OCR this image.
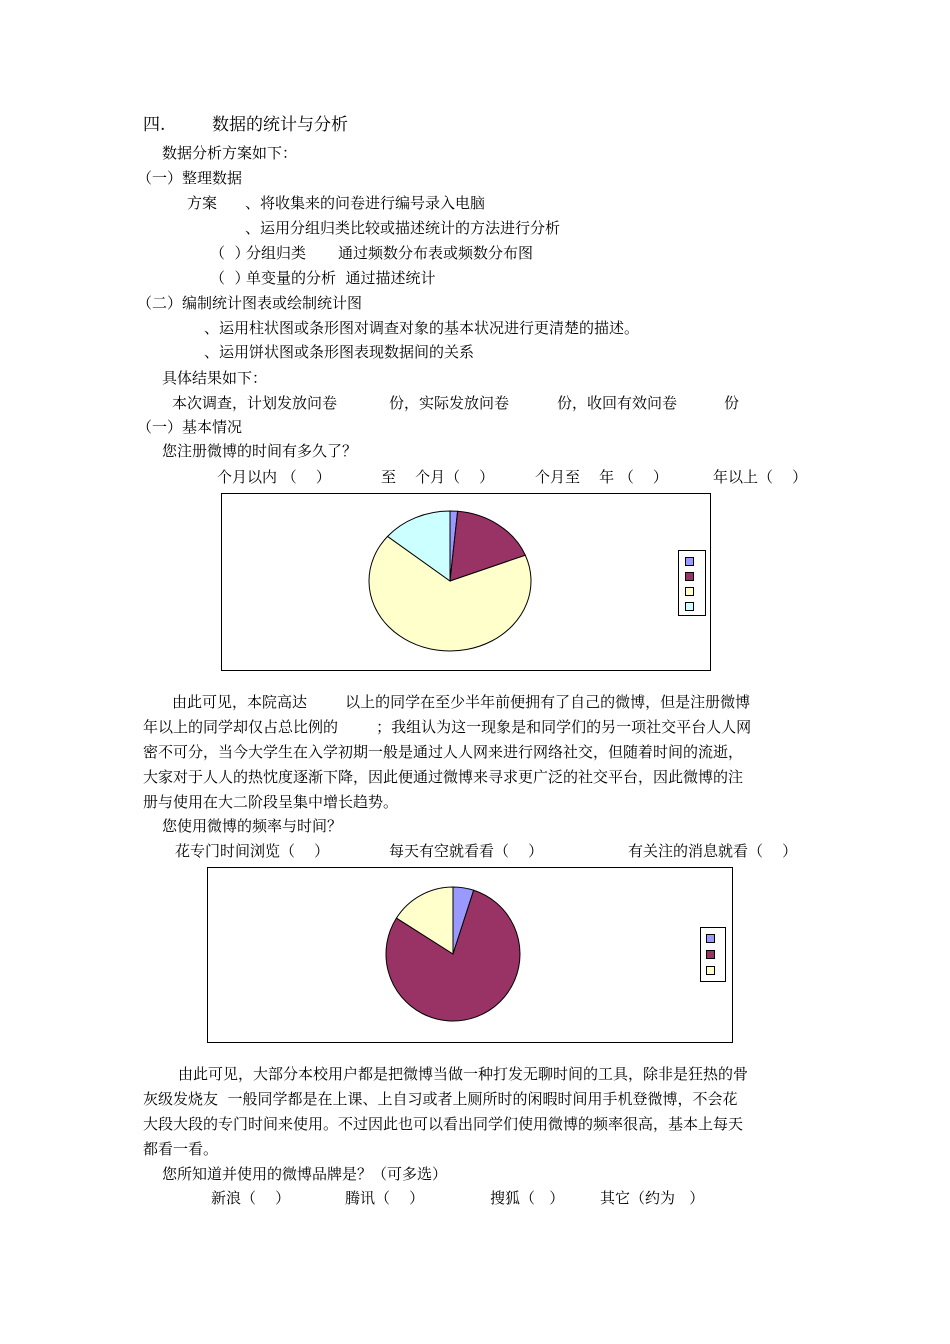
四.	数据的统计与分析
数据分析方案如下：
（一）整理数据
方案 、将收集来的问卷进行编号录入电脑
、运用分组归类比较或描述统计的方法进行分析
（  ）
分组归类 通过频数分布表或频数分布图
（  ）
单变量的分析  通过描述统计
（二）编制统计图表或绘制统计图
、运用柱状图或条形图对调查对象的基本状况进行更清楚的描述。
、运用饼状图或条形图表现数据间的关系
具体结果如下：
本次调查，计划发放问卷	份，实际发放问卷	份，收回有效问卷	份
（一）基本情况
您注册微博的时间有多久了？
个月以内 （    ）	至    个月（    ）	个月至    年 （    ）	年以上（    ）
由此可见，本院高达        以上的同学在至少半年前便拥有了自己的微博，但是注册微博
年以上的同学却仅占总比例的        ；我组认为这一现象是和同学们的另一项社交平台人人网
密不可分，当今大学生在入学初期一般是通过人人网来进行网络社交，但随着时间的流逝，
大家对于人人的热忱度逐渐下降，因此便通过微博来寻求更广泛的社交平台，因此微博的注
册与使用在大二阶段呈集中增长趋势。
您使用微博的频率与时间？
花专门时间浏览（    ）	每天有空就看看（    ）	有关注的消息就看（    ）
由此可见，大部分本校用户都是把微博当做一种打发无聊时间的工具，除非是狂热的骨
灰级发烧友  一般同学都是在上课、上自习或者上厕所时的闲暇时间用手机登微博，不会花
大段大段的专门时间来使用。不过因此也可以看出同学们使用微博的频率很高，基本上每天
都看一看。
您所知道并使用的微博品牌是？（可多选）
新浪（    ）	腾讯（    ）	搜狐（   ） 其它（约为   ）
